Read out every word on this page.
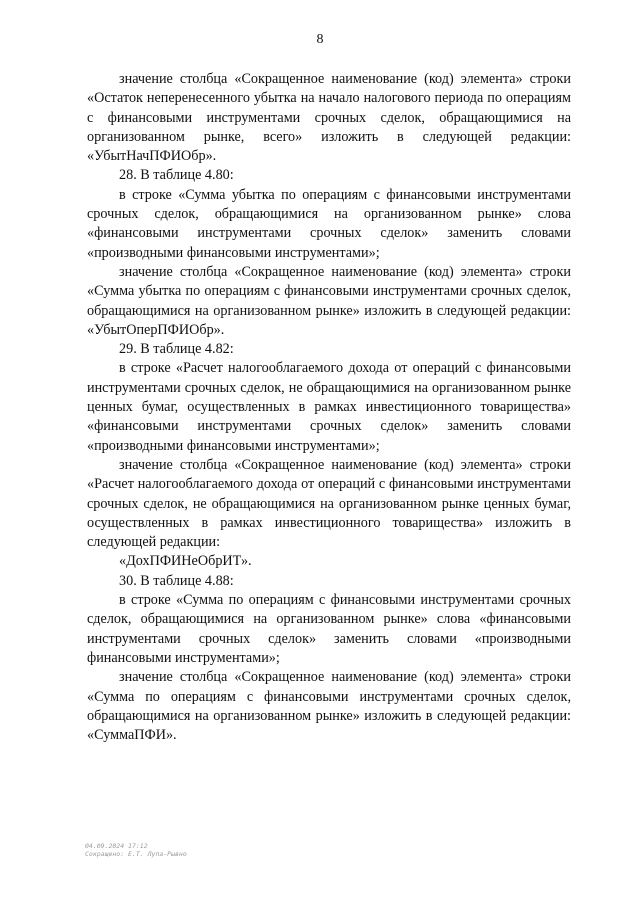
8
значение столбца «Сокращенное наименование (код) элемента» строки
«Остаток неперенесенного убытка на начало налогового периода по операциям
с финансовыми инструментами срочных сделок, обращающимися на
организованном рынке, всего» изложить в следующей редакции:
«УбытНачПФИОбр».
28. В таблице 4.80:
в строке «Сумма убытка по операциям с финансовыми инструментами
срочных сделок, обращающимися на организованном рынке» слова
«финансовыми инструментами срочных сделок» заменить словами
«производными финансовыми инструментами»;
значение столбца «Сокращенное наименование (код) элемента» строки
«Сумма убытка по операциям с финансовыми инструментами срочных сделок,
обращающимися на организованном рынке» изложить в следующей редакции:
«УбытОперПФИОбр».
29. В таблице 4.82:
в строке «Расчет налогооблагаемого дохода от операций с финансовыми
инструментами срочных сделок, не обращающимися на организованном рынке
ценных бумаг, осуществленных в рамках инвестиционного товарищества»
«финансовыми инструментами срочных сделок» заменить словами
«производными финансовыми инструментами»;
значение столбца «Сокращенное наименование (код) элемента» строки
«Расчет налогооблагаемого дохода от операций с финансовыми инструментами
срочных сделок, не обращающимися на организованном рынке ценных бумаг,
осуществленных в рамках инвестиционного товарищества» изложить в
следующей редакции:
«ДохПФИНеОбрИТ».
30. В таблице 4.88:
в строке «Сумма по операциям с финансовыми инструментами срочных
сделок, обращающимися на организованном рынке» слова «финансовыми
инструментами срочных сделок» заменить словами «производными
финансовыми инструментами»;
значение столбца «Сокращенное наименование (код) элемента» строки
«Сумма по операциям с финансовыми инструментами срочных сделок,
обращающимися на организованном рынке» изложить в следующей редакции:
«СуммаПФИ».
04.09.2024 17:12
Сокращено: Е.Т. Лупа-Рывно
